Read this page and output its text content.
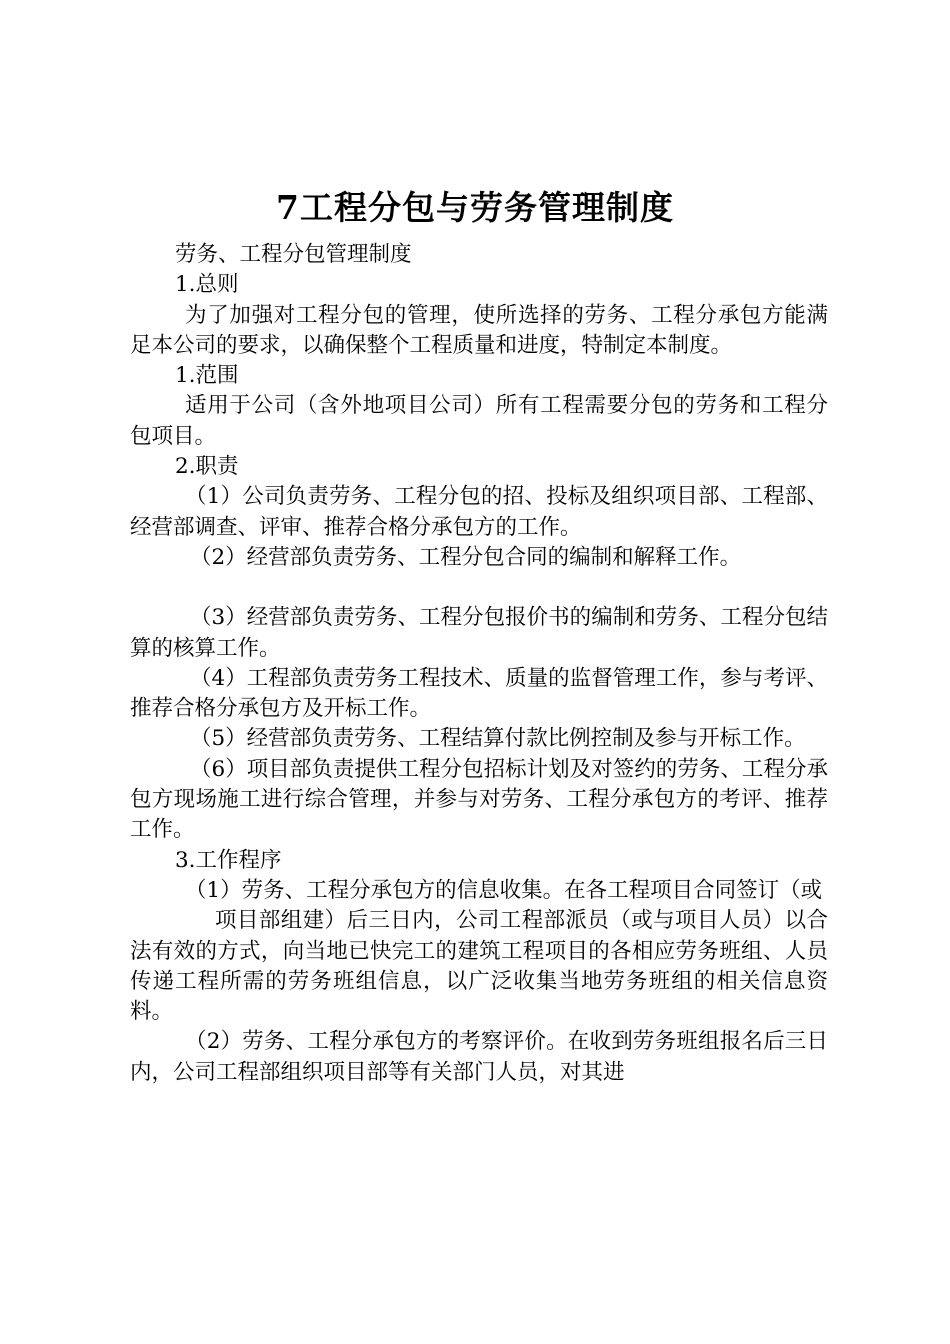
7工程分包与劳务管理制度

劳务、工程分包管理制度

1.总则

为了加强对工程分包的管理，使所选择的劳务、工程分承包方能满足本公司的要求，以确保整个工程质量和进度，特制定本制度。

1.范围

适用于公司（含外地项目公司）所有工程需要分包的劳务和工程分包项目。

2.职责

（1）公司负责劳务、工程分包的招、投标及组织项目部、工程部、经营部调查、评审、推荐合格分承包方的工作。

（2）经营部负责劳务、工程分包合同的编制和解释工作。

（3）经营部负责劳务、工程分包报价书的编制和劳务、工程分包结算的核算工作。

（4）工程部负责劳务工程技术、质量的监督管理工作，参与考评、推荐合格分承包方及开标工作。

（5）经营部负责劳务、工程结算付款比例控制及参与开标工作。

（6）项目部负责提供工程分包招标计划及对签约的劳务、工程分承包方现场施工进行综合管理，并参与对劳务、工程分承包方的考评、推荐工作。

3.工作程序

（1）劳务、工程分承包方的信息收集。在各工程项目合同签订（或

项目部组建）后三日内，公司工程部派员（或与项目人员）以合法有效的方式，向当地已快完工的建筑工程项目的各相应劳务班组、人员传递工程所需的劳务班组信息，以广泛收集当地劳务班组的相关信息资料。

（2）劳务、工程分承包方的考察评价。在收到劳务班组报名后三日内，公司工程部组织项目部等有关部门人员，对其进
